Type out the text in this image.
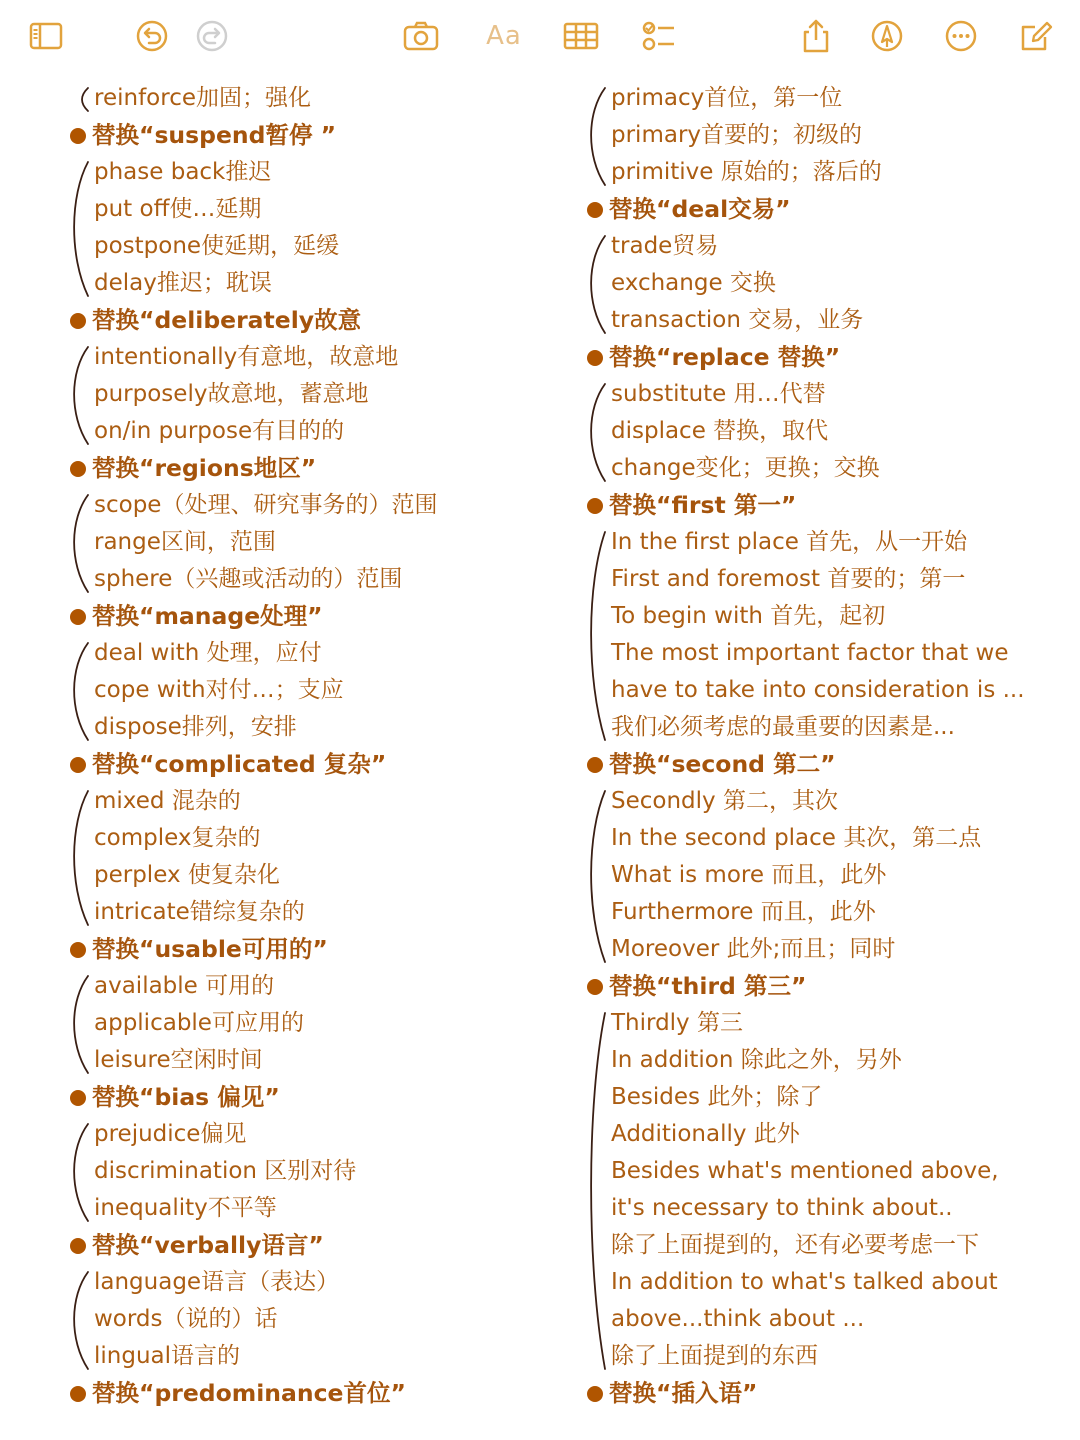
Aa
reinforce加固；强化
替换“suspend暂停 ”
phase back推迟
put off使…延期
postpone使延期，延缓
delay推迟；耽误
替换“deliberately故意
intentionally有意地，故意地
purposely故意地，蓄意地
on/in purpose有目的的
替换“regions地区”
scope（处理、研究事务的）范围
range区间，范围
sphere（兴趣或活动的）范围
替换“manage处理”
deal with 处理，应付
cope with对付…；支应
dispose排列，安排
替换“complicated 复杂”
mixed 混杂的
complex复杂的
perplex 使复杂化
intricate错综复杂的
替换“usable可用的”
available 可用的
applicable可应用的
leisure空闲时间
替换“bias 偏见”
prejudice偏见
discrimination 区别对待
inequality不平等
替换“verbally语言”
language语言（表达）
words（说的）话
lingual语言的
替换“predominance首位”
primacy首位，第一位
primary首要的；初级的
primitive 原始的；落后的
替换“deal交易”
trade贸易
exchange 交换
transaction 交易，业务
替换“replace 替换”
substitute 用…代替
displace 替换，取代
change变化；更换；交换
替换“first 第一”
In the first place 首先，从一开始
First and foremost 首要的；第一
To begin with 首先，起初
The most important factor that we
have to take into consideration is ...
我们必须考虑的最重要的因素是...
替换“second 第二”
Secondly 第二，其次
In the second place 其次，第二点
What is more 而且，此外
Furthermore 而且，此外
Moreover 此外;而且；同时
替换“third 第三”
Thirdly 第三
In addition 除此之外，另外
Besides 此外；除了
Additionally 此外
Besides what's mentioned above,
it's necessary to think about..
除了上面提到的，还有必要考虑一下
In addition to what's talked about
above...think about ...
除了上面提到的东西
替换“插入语”
